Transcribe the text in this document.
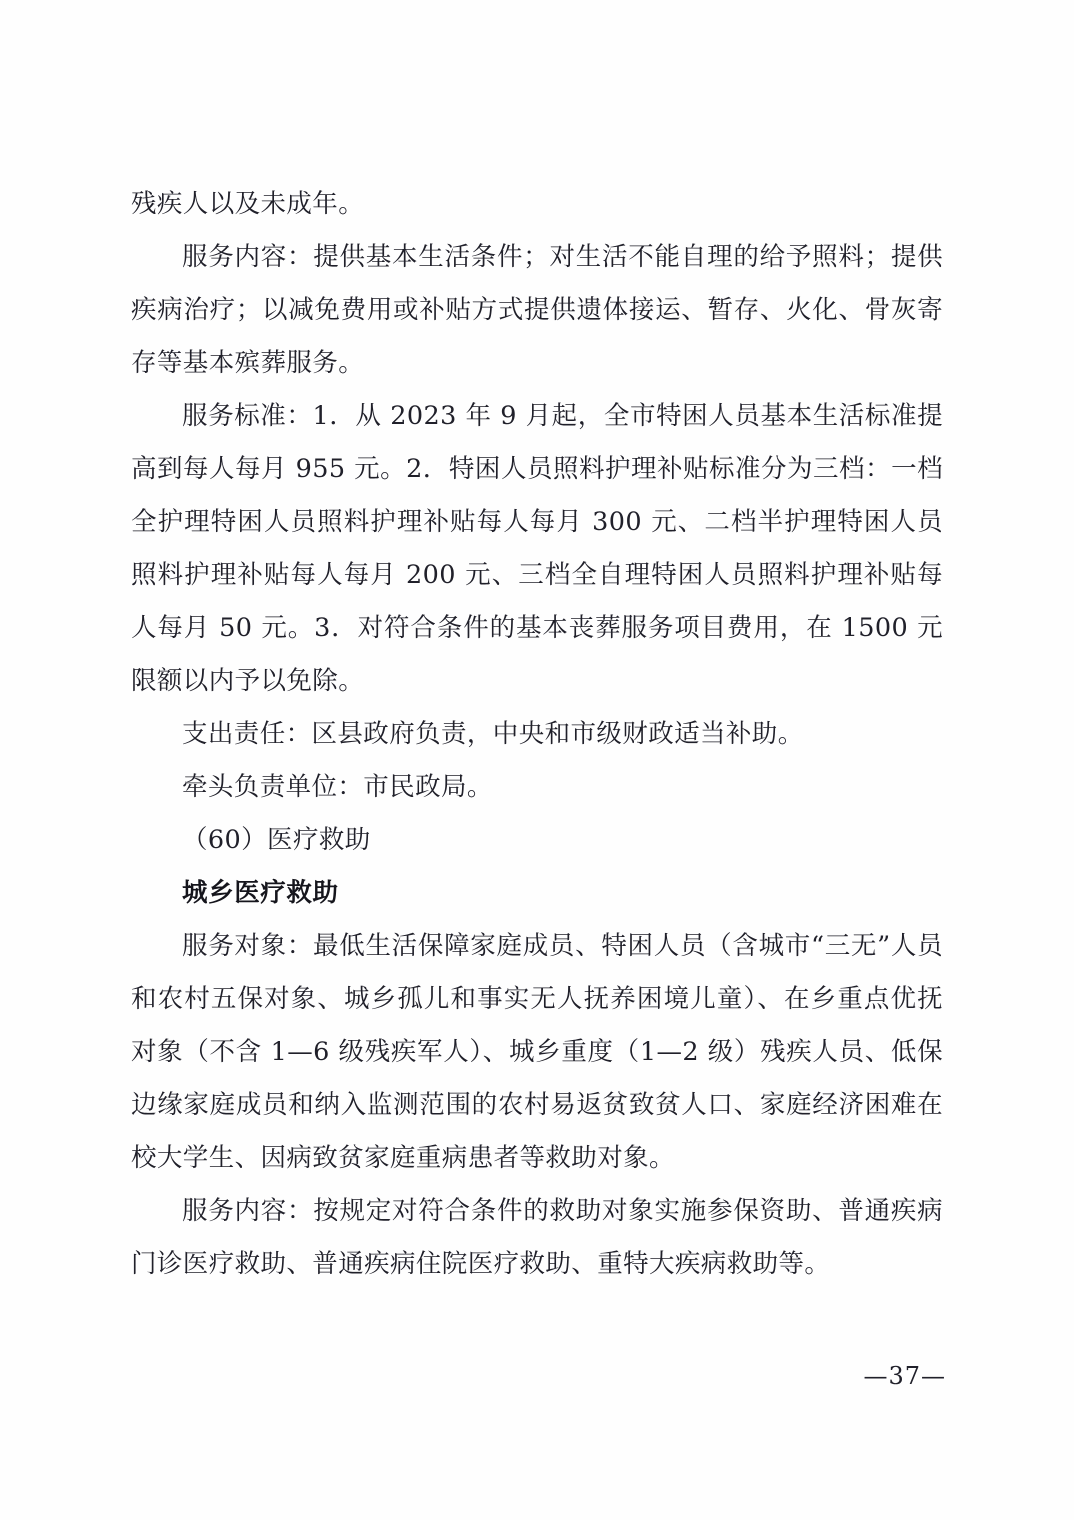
残疾人以及未成年。

服务内容：提供基本生活条件；对生活不能自理的给予照料；提供疾病治疗；以减免费用或补贴方式提供遗体接运、暂存、火化、骨灰寄存等基本殡葬服务。

服务标准：1．从 2023 年 9 月起，全市特困人员基本生活标准提高到每人每月 955 元。2．特困人员照料护理补贴标准分为三档：一档全护理特困人员照料护理补贴每人每月 300 元、二档半护理特困人员照料护理补贴每人每月 200 元、三档全自理特困人员照料护理补贴每人每月 50 元。3．对符合条件的基本丧葬服务项目费用，在 1500 元限额以内予以免除。

支出责任：区县政府负责，中央和市级财政适当补助。

牵头负责单位：市民政局。

（60）医疗救助

城乡医疗救助

服务对象：最低生活保障家庭成员、特困人员（含城市“三无”人员和农村五保对象、城乡孤儿和事实无人抚养困境儿童）、在乡重点优抚对象（不含 1—6 级残疾军人）、城乡重度（1—2 级）残疾人员、低保边缘家庭成员和纳入监测范围的农村易返贫致贫人口、家庭经济困难在校大学生、因病致贫家庭重病患者等救助对象。

服务内容：按规定对符合条件的救助对象实施参保资助、普通疾病门诊医疗救助、普通疾病住院医疗救助、重特大疾病救助等。

—37—
